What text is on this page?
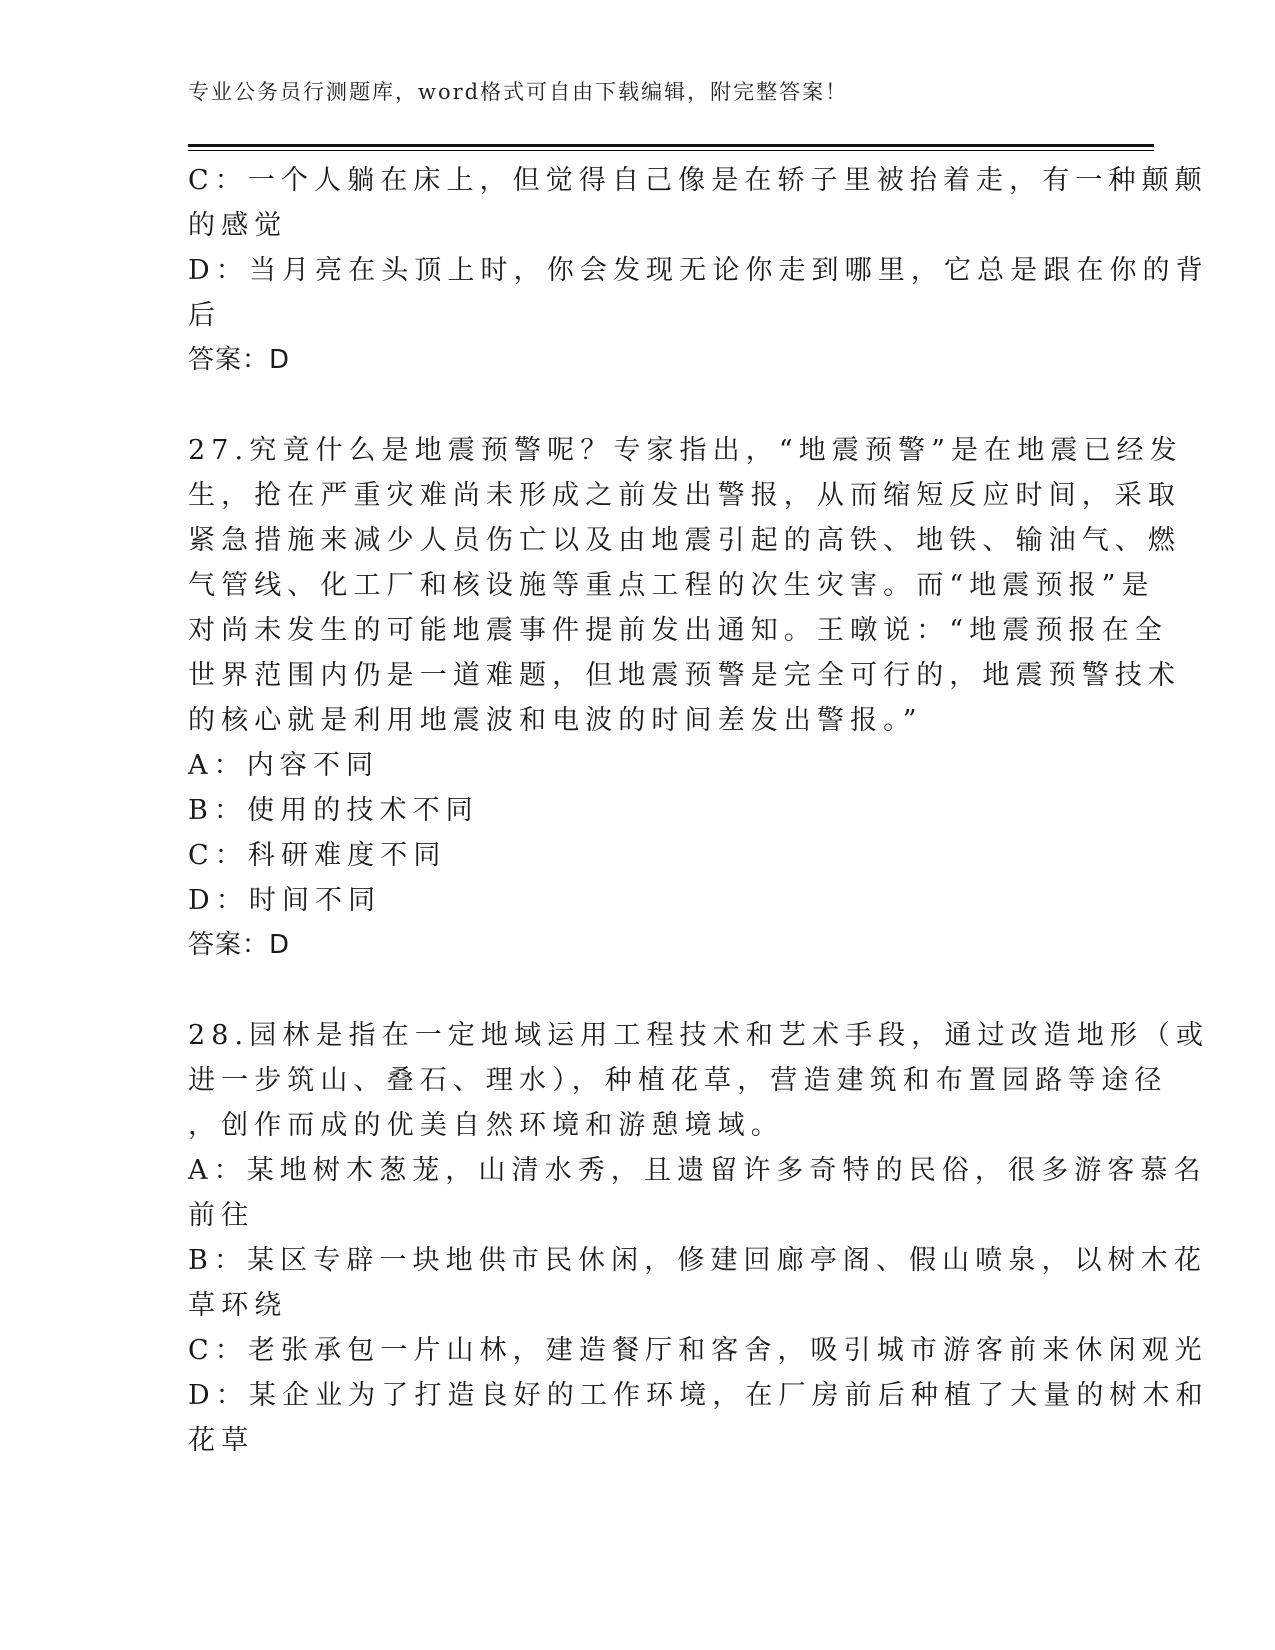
专业公务员行测题库，word格式可自由下载编辑，附完整答案！
C：一个人躺在床上，但觉得自己像是在轿子里被抬着走，有一种颠颠
的感觉
D：当月亮在头顶上时，你会发现无论你走到哪里，它总是跟在你的背
后
答案：D
27.究竟什么是地震预警呢？专家指出，“地震预警”是在地震已经发
生，抢在严重灾难尚未形成之前发出警报，从而缩短反应时间，采取
紧急措施来减少人员伤亡以及由地震引起的高铁、地铁、输油气、燃
气管线、化工厂和核设施等重点工程的次生灾害。而“地震预报”是
对尚未发生的可能地震事件提前发出通知。王暾说：“地震预报在全
世界范围内仍是一道难题，但地震预警是完全可行的，地震预警技术
的核心就是利用地震波和电波的时间差发出警报。”
A：内容不同
B：使用的技术不同
C：科研难度不同
D：时间不同
答案：D
28.园林是指在一定地域运用工程技术和艺术手段，通过改造地形（或
进一步筑山、叠石、理水），种植花草，营造建筑和布置园路等途径
，创作而成的优美自然环境和游憩境域。
A：某地树木葱茏，山清水秀，且遗留许多奇特的民俗，很多游客慕名
前往
B：某区专辟一块地供市民休闲，修建回廊亭阁、假山喷泉，以树木花
草环绕
C：老张承包一片山林，建造餐厅和客舍，吸引城市游客前来休闲观光
D：某企业为了打造良好的工作环境，在厂房前后种植了大量的树木和
花草
